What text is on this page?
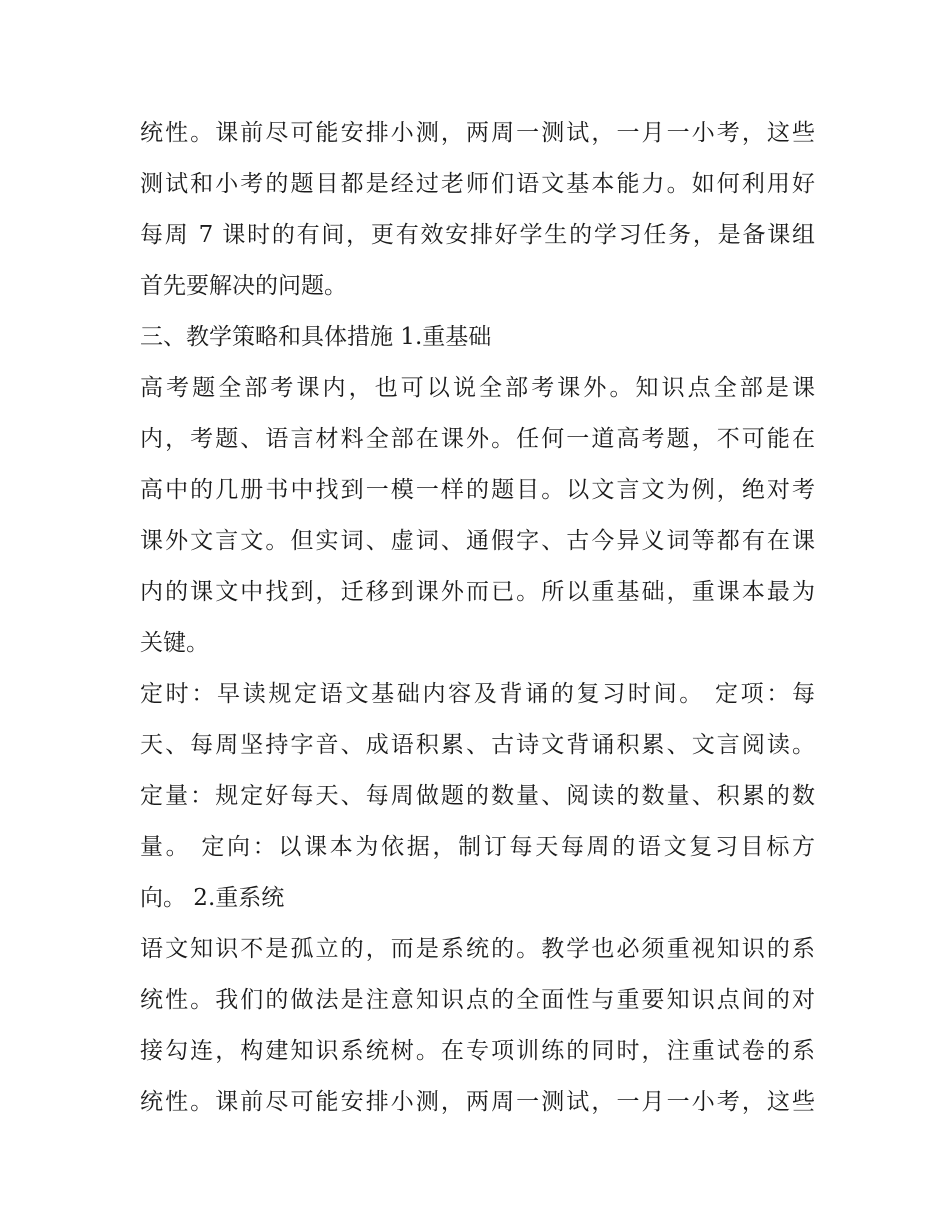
统性。课前尽可能安排小测，两周一测试，一月一小考，这些
测试和小考的题目都是经过老师们语文基本能力。如何利用好
每周 7 课时的有间，更有效安排好学生的学习任务，是备课组
首先要解决的问题。
三、教学策略和具体措施 1.重基础
高考题全部考课内，也可以说全部考课外。知识点全部是课
内，考题、语言材料全部在课外。任何一道高考题，不可能在
高中的几册书中找到一模一样的题目。以文言文为例，绝对考
课外文言文。但实词、虚词、通假字、古今异义词等都有在课
内的课文中找到，迁移到课外而已。所以重基础，重课本最为
关键。
定时：早读规定语文基础内容及背诵的复习时间。 定项：每
天、每周坚持字音、成语积累、古诗文背诵积累、文言阅读。
定量：规定好每天、每周做题的数量、阅读的数量、积累的数
量。 定向：以课本为依据，制订每天每周的语文复习目标方
向。 2.重系统
语文知识不是孤立的，而是系统的。教学也必须重视知识的系
统性。我们的做法是注意知识点的全面性与重要知识点间的对
接勾连，构建知识系统树。在专项训练的同时，注重试卷的系
统性。课前尽可能安排小测，两周一测试，一月一小考，这些
